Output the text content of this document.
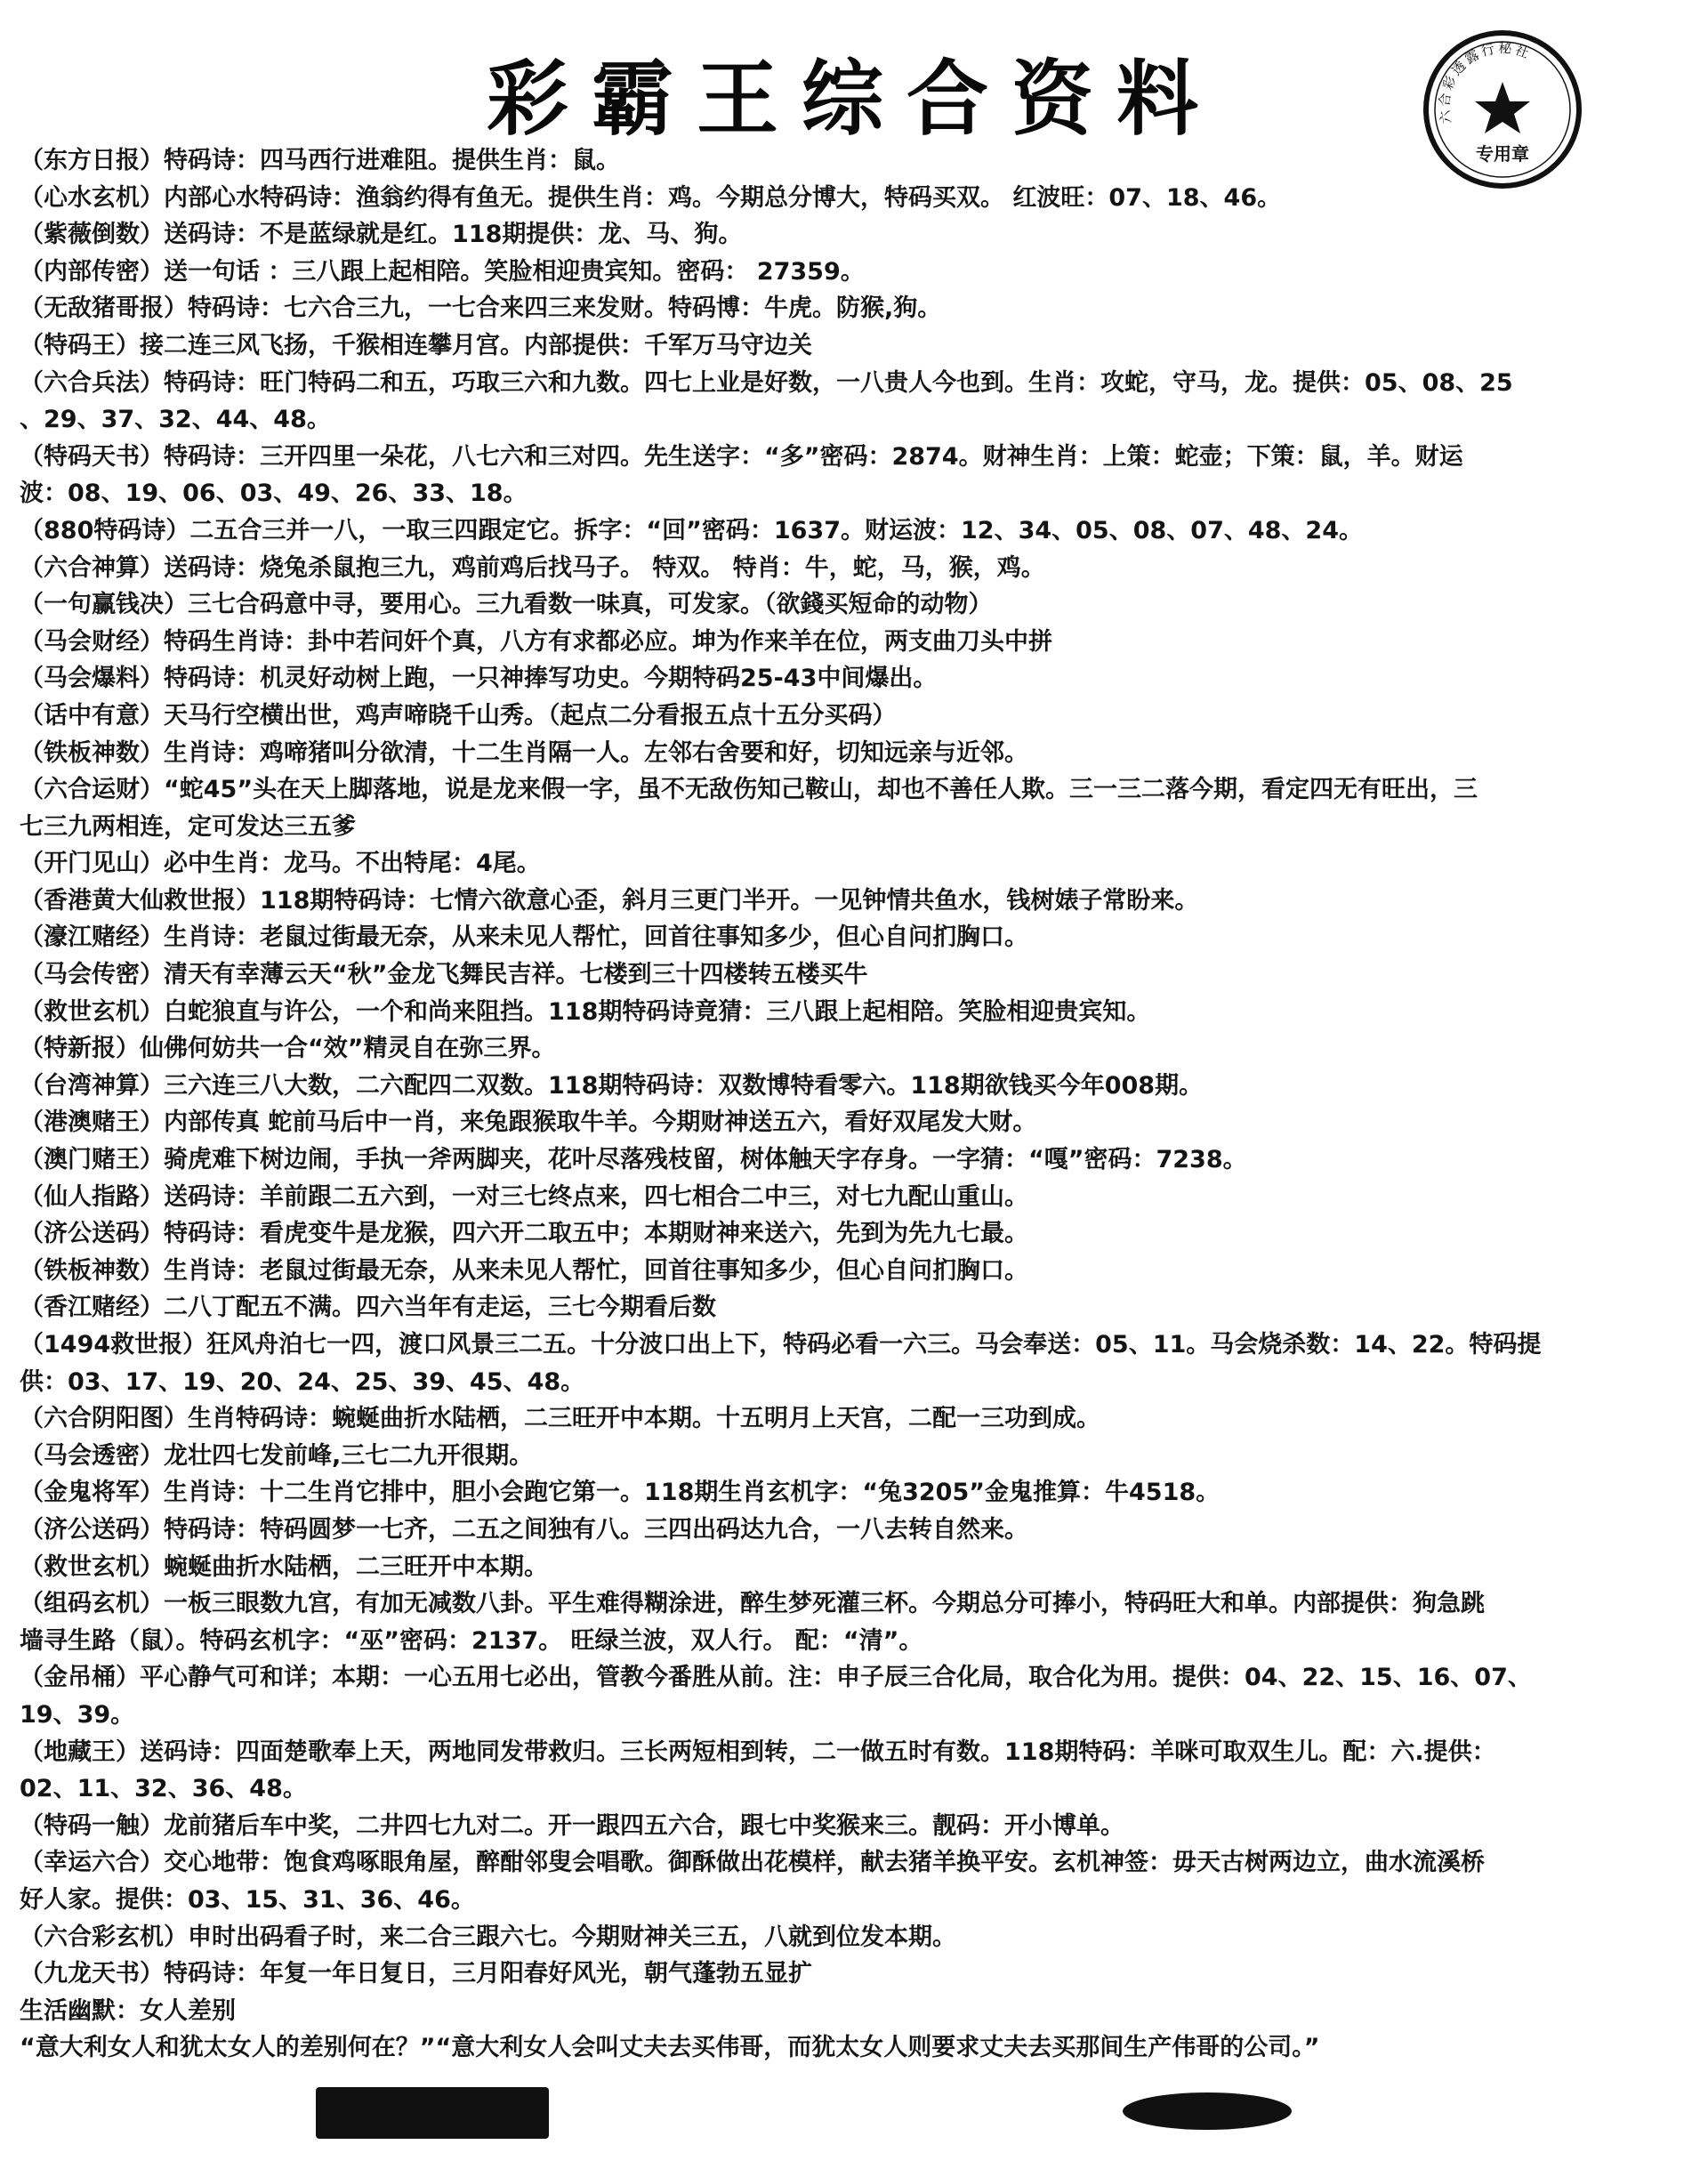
彩霸王综合资料	六合彩透露行秘社
专用章
（东方日报）特码诗：四马西行进难阻。提供生肖：鼠。
（心水玄机）内部心水特码诗：渔翁约得有鱼无。提供生肖：鸡。今期总分博大，特码买双。 红波旺：07、18、46。
（紫薇倒数）送码诗：不是蓝绿就是红。118期提供：龙、马、狗。
（内部传密）送一句话 ：三八跟上起相陪。笑脸相迎贵宾知。密码： 27359。
（无敌猪哥报）特码诗：七六合三九，一七合来四三来发财。特码博：牛虎。防猴,狗。
（特码王）接二连三风飞扬，千猴相连攀月宫。内部提供：千军万马守边关
（六合兵法）特码诗：旺门特码二和五，巧取三六和九数。四七上业是好数，一八贵人今也到。生肖：攻蛇，守马，龙。提供：05、08、25
、29、37、32、44、48。
（特码天书）特码诗：三开四里一朵花，八七六和三对四。先生送字：“多”密码：2874。财神生肖：上策：蛇壶；下策：鼠，羊。财运
波：08、19、06、03、49、26、33、18。
（880特码诗）二五合三并一八，一取三四跟定它。拆字：“回”密码：1637。财运波：12、34、05、08、07、48、24。
（六合神算）送码诗：烧兔杀鼠抱三九，鸡前鸡后找马子。 特双。 特肖：牛，蛇，马，猴，鸡。
（一句赢钱决）三七合码意中寻，要用心。三九看数一味真，可发家。（欲錢买短命的动物）
（马会财经）特码生肖诗：卦中若问奸个真，八方有求都必应。坤为作来羊在位，两支曲刀头中拼
（马会爆料）特码诗：机灵好动树上跑，一只神捧写功史。今期特码25-43中间爆出。
（话中有意）天马行空横出世，鸡声啼晓千山秀。（起点二分看报五点十五分买码）
（铁板神数）生肖诗：鸡啼猪叫分欲清，十二生肖隔一人。左邻右舍要和好，切知远亲与近邻。
（六合运财）“蛇45”头在天上脚落地，说是龙来假一字，虽不无敌伤知己鞍山，却也不善任人欺。三一三二落今期，看定四无有旺出，三
七三九两相连，定可发达三五爹
（开门见山）必中生肖：龙马。不出特尾：4尾。
（香港黄大仙救世报）118期特码诗：七情六欲意心歪，斜月三更门半开。一见钟情共鱼水，钱树婊子常盼来。
（濠江赌经）生肖诗：老鼠过街最无奈，从来未见人帮忙，回首往事知多少，但心自问扪胸口。
（马会传密）清天有幸薄云天“秋”金龙飞舞民吉祥。七楼到三十四楼转五楼买牛
（救世玄机）白蛇狼直与许公，一个和尚来阻挡。118期特码诗竟猜：三八跟上起相陪。笑脸相迎贵宾知。
（特新报）仙佛何妨共一合“效”精灵自在弥三界。
（台湾神算）三六连三八大数，二六配四二双数。118期特码诗：双数博特看零六。118期欲钱买今年008期。
（港澳赌王）内部传真 蛇前马后中一肖，来兔跟猴取牛羊。今期财神送五六，看好双尾发大财。
（澳门赌王）骑虎难下树边闹，手执一斧两脚夹，花叶尽落残枝留，树体触天字存身。一字猜：“嘎”密码：7238。
（仙人指路）送码诗：羊前跟二五六到，一对三七终点来，四七相合二中三，对七九配山重山。
（济公送码）特码诗：看虎变牛是龙猴，四六开二取五中；本期财神来送六，先到为先九七最。
（铁板神数）生肖诗：老鼠过街最无奈，从来未见人帮忙，回首往事知多少，但心自问扪胸口。
（香江赌经）二八丁配五不满。四六当年有走运，三七今期看后数
（1494救世报）狂风舟泊七一四，渡口风景三二五。十分波口出上下，特码必看一六三。马会奉送：05、11。马会烧杀数：14、22。特码提
供：03、17、19、20、24、25、39、45、48。
（六合阴阳图）生肖特码诗：蜿蜒曲折水陆栖，二三旺开中本期。十五明月上天宫，二配一三功到成。
（马会透密）龙壮四七发前峰,三七二九开很期。
（金鬼将军）生肖诗：十二生肖它排中，胆小会跑它第一。118期生肖玄机字：“兔3205”金鬼推算：牛4518。
（济公送码）特码诗：特码圆梦一七齐，二五之间独有八。三四出码达九合，一八去转自然来。
（救世玄机）蜿蜒曲折水陆栖，二三旺开中本期。
（组码玄机）一板三眼数九宫，有加无减数八卦。平生难得糊涂进，醉生梦死灌三杯。今期总分可捧小，特码旺大和单。内部提供：狗急跳
墙寻生路（鼠）。特码玄机字：“巫”密码：2137。 旺绿兰波，双人行。 配：“清”。
（金吊桶）平心静气可和详；本期：一心五用七必出，管教今番胜从前。注：申子辰三合化局，取合化为用。提供：04、22、15、16、07、
19、39。
（地藏王）送码诗：四面楚歌奉上天，两地同发带救归。三长两短相到转，二一做五时有数。118期特码：羊咪可取双生儿。配：六.提供：
02、11、32、36、48。
（特码一触）龙前猪后车中奖，二井四七九对二。开一跟四五六合，跟七中奖猴来三。靓码：开小博单。
（幸运六合）交心地带：饱食鸡啄眼角屋，醉酣邻叟会唱歌。御酥做出花模样，献去猪羊换平安。玄机神签：毋天古树两边立，曲水流溪桥
好人家。提供：03、15、31、36、46。
（六合彩玄机）申时出码看子时，来二合三跟六七。今期财神关三五，八就到位发本期。
（九龙天书）特码诗：年复一年日复日，三月阳春好风光，朝气蓬勃五显扩
生活幽默：女人差别
“意大利女人和犹太女人的差别何在？”“意大利女人会叫丈夫去买伟哥，而犹太女人则要求丈夫去买那间生产伟哥的公司。”
